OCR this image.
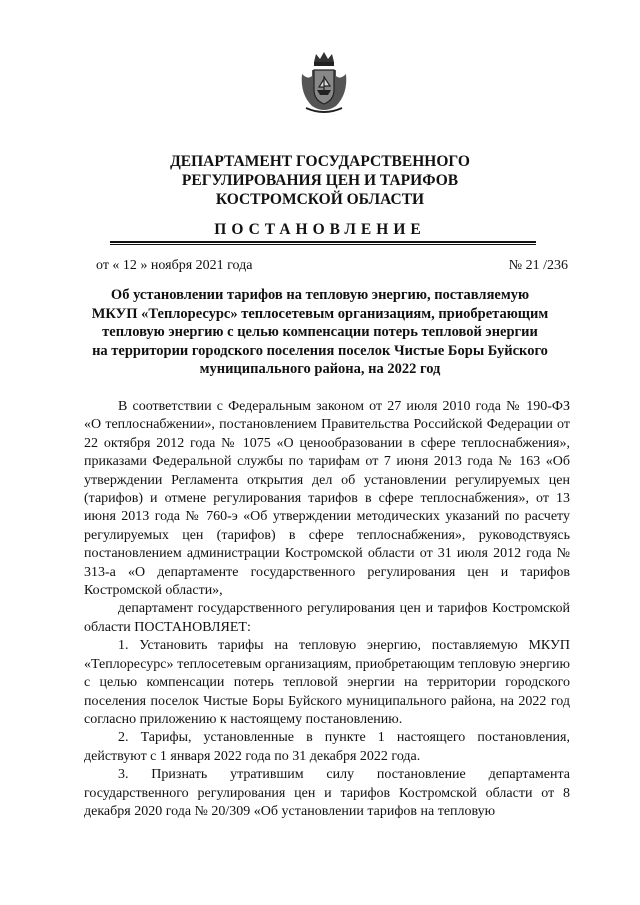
ДЕПАРТАМЕНТ ГОСУДАРСТВЕННОГО
РЕГУЛИРОВАНИЯ ЦЕН И ТАРИФОВ
КОСТРОМСКОЙ ОБЛАСТИ
ПОСТАНОВЛЕНИЕ
от « 12 » ноября 2021 года	№ 21 /236
Об установлении тарифов на тепловую энергию, поставляемую
МКУП «Теплоресурс» теплосетевым организациям, приобретающим
тепловую энергию с целью компенсации потерь тепловой энергии
на территории городского поселения поселок Чистые Боры Буйского
муниципального района, на 2022 год

В соответствии с Федеральным законом от 27 июля 2010 года № 190-ФЗ «О теплоснабжении», постановлением Правительства Российской Федерации от 22 октября 2012 года № 1075 «О ценообразовании в сфере теплоснабжения», приказами Федеральной службы по тарифам от 7 июня 2013 года № 163 «Об утверждении Регламента открытия дел об установлении регулируемых цен (тарифов) и отмене регулирования тарифов в сфере теплоснабжения», от 13 июня 2013 года № 760-э «Об утверждении методических указаний по расчету регулируемых цен (тарифов) в сфере теплоснабжения», руководствуясь постановлением администрации Костромской области от 31 июля 2012 года № 313-а «О департаменте государственного регулирования цен и тарифов Костромской области»,

департамент государственного регулирования цен и тарифов Костромской области ПОСТАНОВЛЯЕТ:

1. Установить тарифы на тепловую энергию, поставляемую МКУП «Теплоресурс» теплосетевым организациям, приобретающим тепловую энергию с целью компенсации потерь тепловой энергии на территории городского поселения поселок Чистые Боры Буйского муниципального района, на 2022 год согласно приложению к настоящему постановлению.

2. Тарифы, установленные в пункте 1 настоящего постановления, действуют с 1 января 2022 года по 31 декабря 2022 года.

3. Признать утратившим силу постановление департамента государственного регулирования цен и тарифов Костромской области от 8 декабря 2020 года № 20/309 «Об установлении тарифов на тепловую
